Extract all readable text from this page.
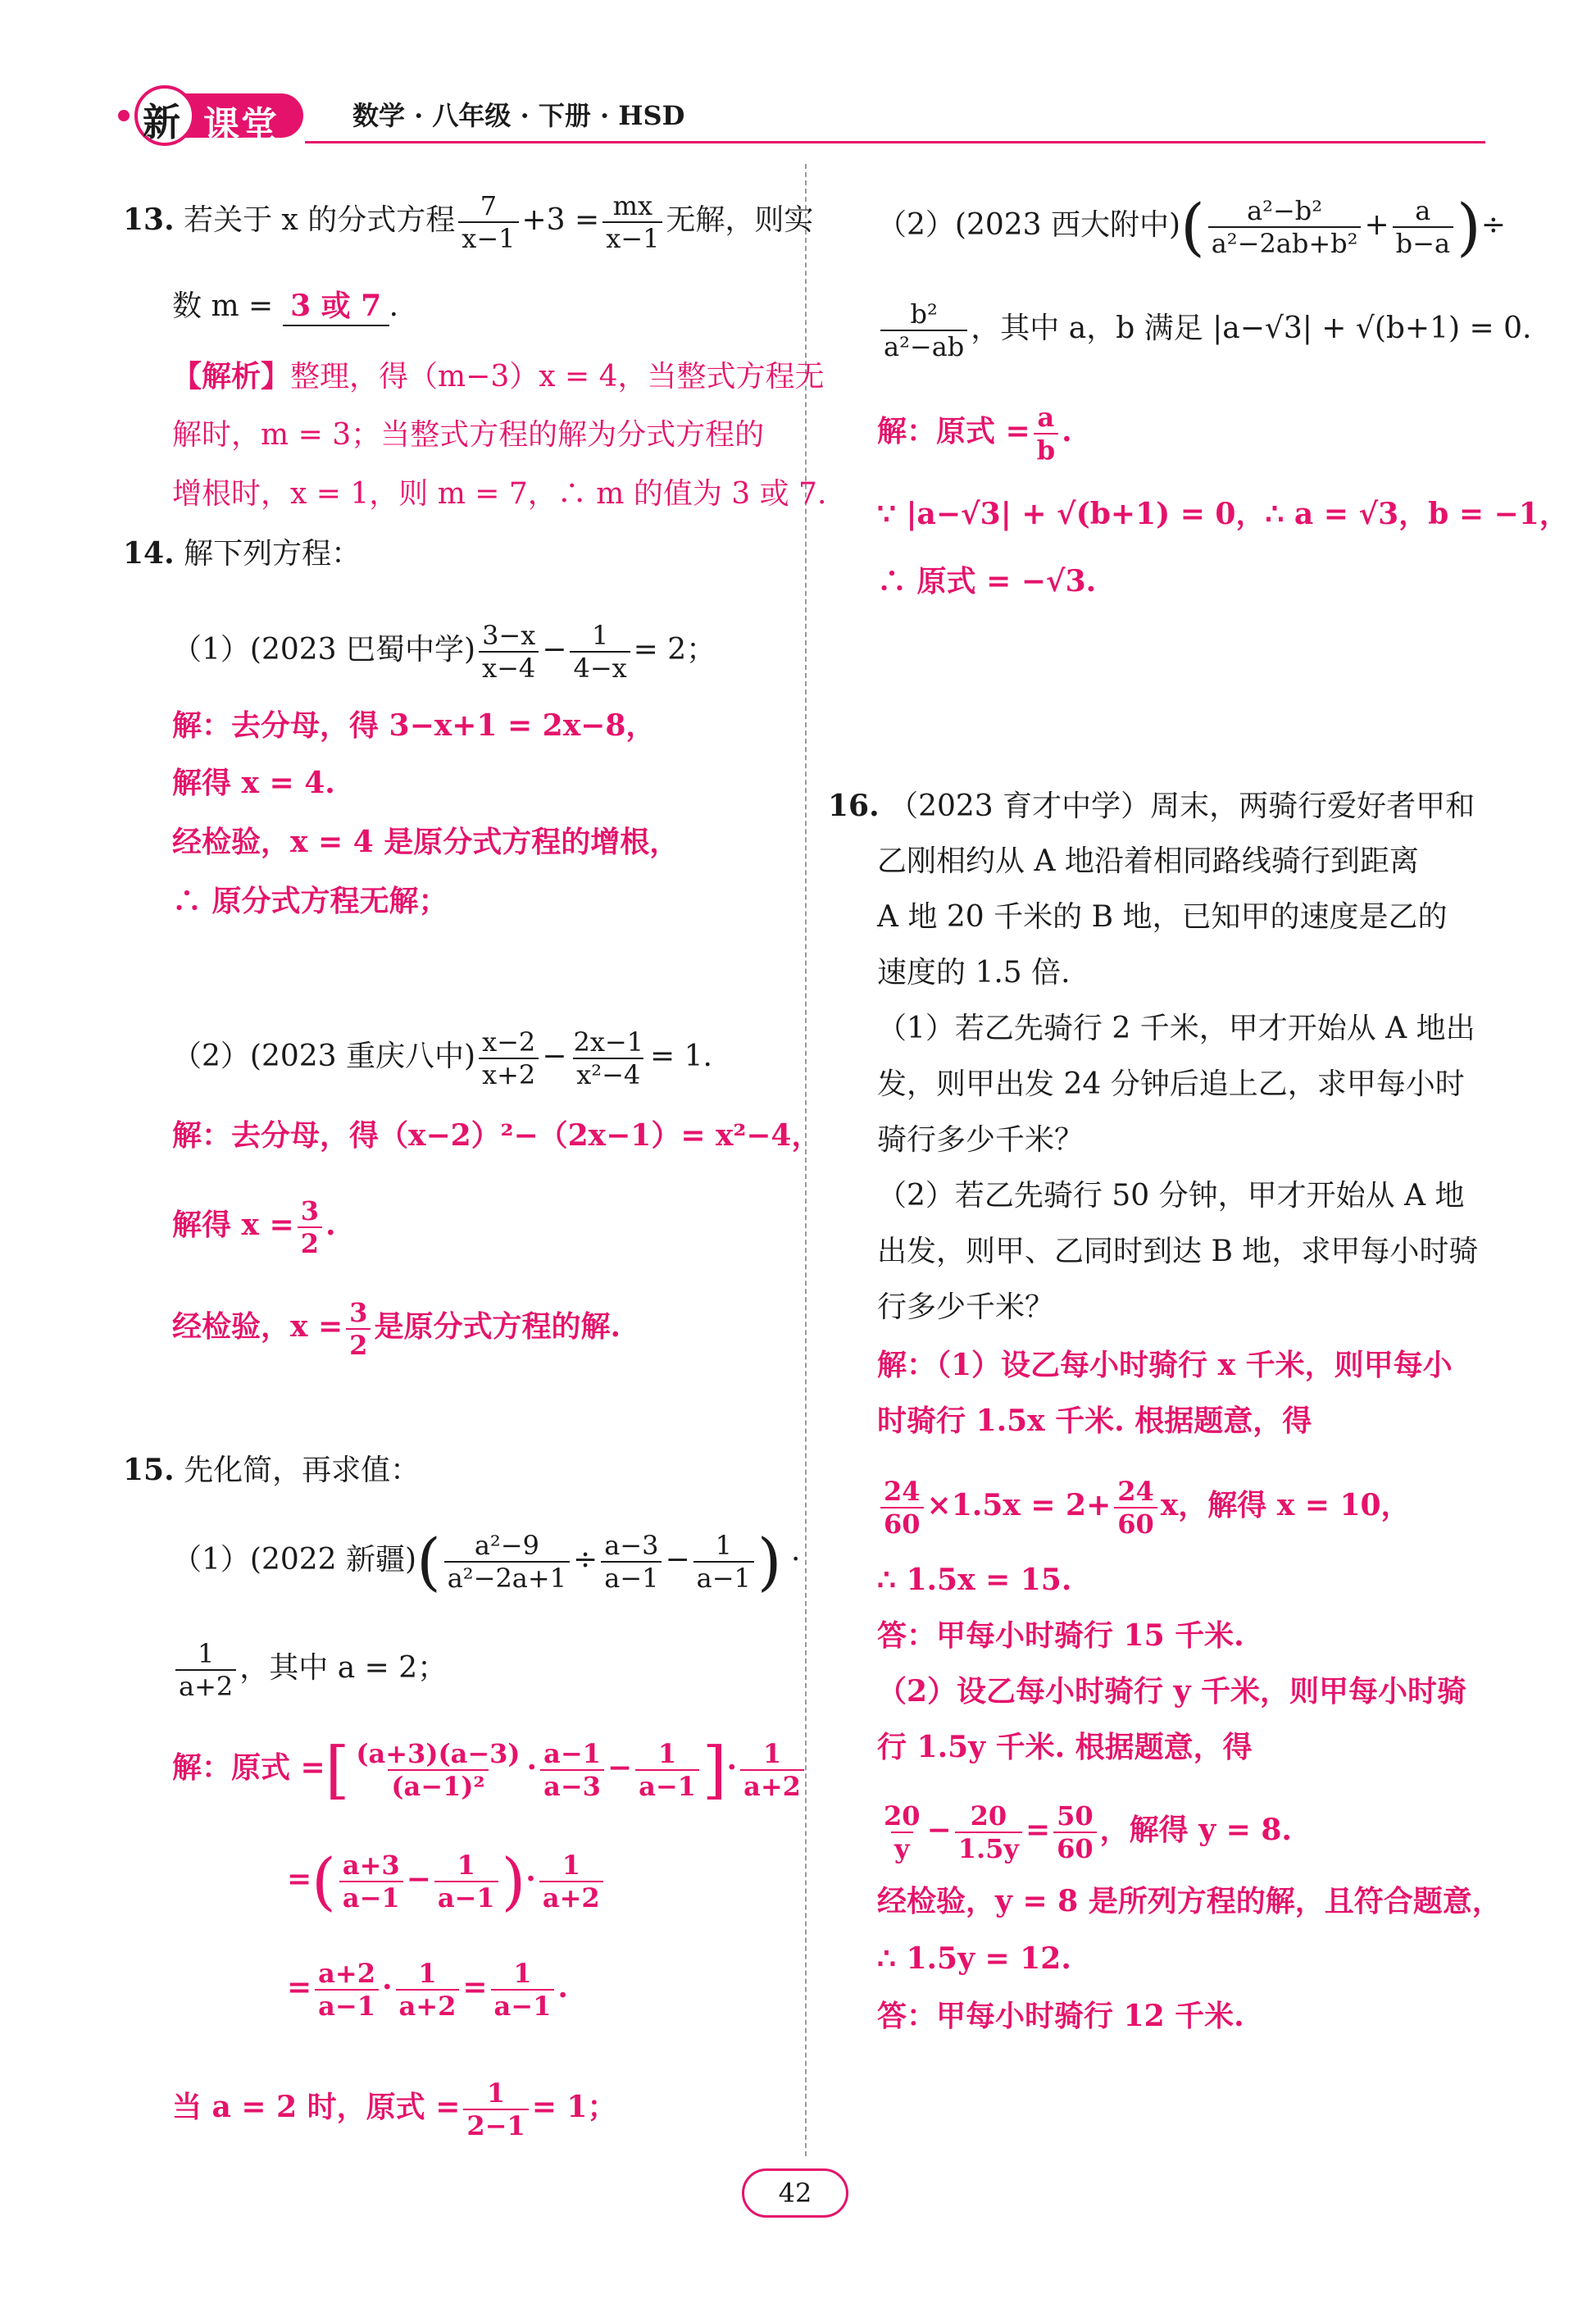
新 课堂	数学 · 八年级 · 下册 · HSD
13. 若关于 x 的分式方程 $\frac{7}{x-1} +3 = \frac{mx}{x-1}$ 无解，则实
数 m = 3 或 7 .
【解析】整理，得（m−3）x = 4，当整式方程无
解时，m = 3；当整式方程的解为分式方程的
增根时，x = 1，则 m = 7，∴ m 的值为 3 或 7.
14. 解下列方程：
（1）(2023 巴蜀中学) $\frac{3-x}{x-4} - \frac{1}{4-x} = 2$；
解：去分母，得 3−x+1 = 2x−8，
解得 x = 4.
经检验，x = 4 是原分式方程的增根，
∴ 原分式方程无解；
（2）(2023 重庆八中) $\frac{x-2}{x+2} - \frac{2x-1}{\text{x²−4}} = 1$.
解：去分母，得（x−2）²−（2x−1）= x²−4，
解得 $x = \frac{3}{2}$ .
经检验，$x = \frac{3}{2}$ 是原分式方程的解.
15. 先化简，再求值：
（1）(2022 新疆)( $\frac{\text{a²−9}}{\text{a²−2a+1}} \div \frac{a-3}{a-1} - \frac{1}{a-1}$ ) ·
$\frac{1}{a+2}$ ，其中 a = 2；
解：原式 =[ $\frac{(a+3)(a-3)}{\text{(a−1)²}} \cdot \frac{a-1}{a-3} - \frac{1}{a-1}$ ]· $\frac{1}{a+2}$
=( $\frac{a+3}{a-1} - \frac{1}{a-1}$ )· $\frac{1}{a+2}$
= $\frac{a+2}{a-1} \cdot \frac{1}{a+2} = \frac{1}{a-1}$ .
当 a = 2 时，原式 = $\frac{1}{2-1} = 1$；
（2）(2023 西大附中)( $\frac{\text{a²−b²}}{\text{a²−2ab+b²}} + \frac{a}{b-a}$ )÷
$\frac{\text{b²}}{\text{a²−ab}}$ ，其中 a，b 满足 |a−√3| + √(b+1) = 0.
解：原式 = $\frac{a}{b}$ .
∵ |a−√3| + √(b+1) = 0，∴ a = √3，b = −1，
∴ 原式 = −√3.
16. （2023 育才中学）周末，两骑行爱好者甲和
乙刚相约从 A 地沿着相同路线骑行到距离
A 地 20 千米的 B 地，已知甲的速度是乙的
速度的 1.5 倍.
（1）若乙先骑行 2 千米，甲才开始从 A 地出
发，则甲出发 24 分钟后追上乙，求甲每小时
骑行多少千米？
（2）若乙先骑行 50 分钟，甲才开始从 A 地
出发，则甲、乙同时到达 B 地，求甲每小时骑
行多少千米？
解：（1）设乙每小时骑行 x 千米，则甲每小
时骑行 1.5x 千米. 根据题意，得
$\frac{24}{60} \times 1.5x = 2+ \frac{24}{60}$ x，解得 x = 10，
∴ 1.5x = 15.
答：甲每小时骑行 15 千米.
（2）设乙每小时骑行 y 千米，则甲每小时骑
行 1.5y 千米. 根据题意，得
$\frac{20}{y} - \frac{20}{1.5y} = \frac{50}{60}$ ，解得 y = 8.
经检验，y = 8 是所列方程的解，且符合题意，
∴ 1.5y = 12.
答：甲每小时骑行 12 千米.
42
